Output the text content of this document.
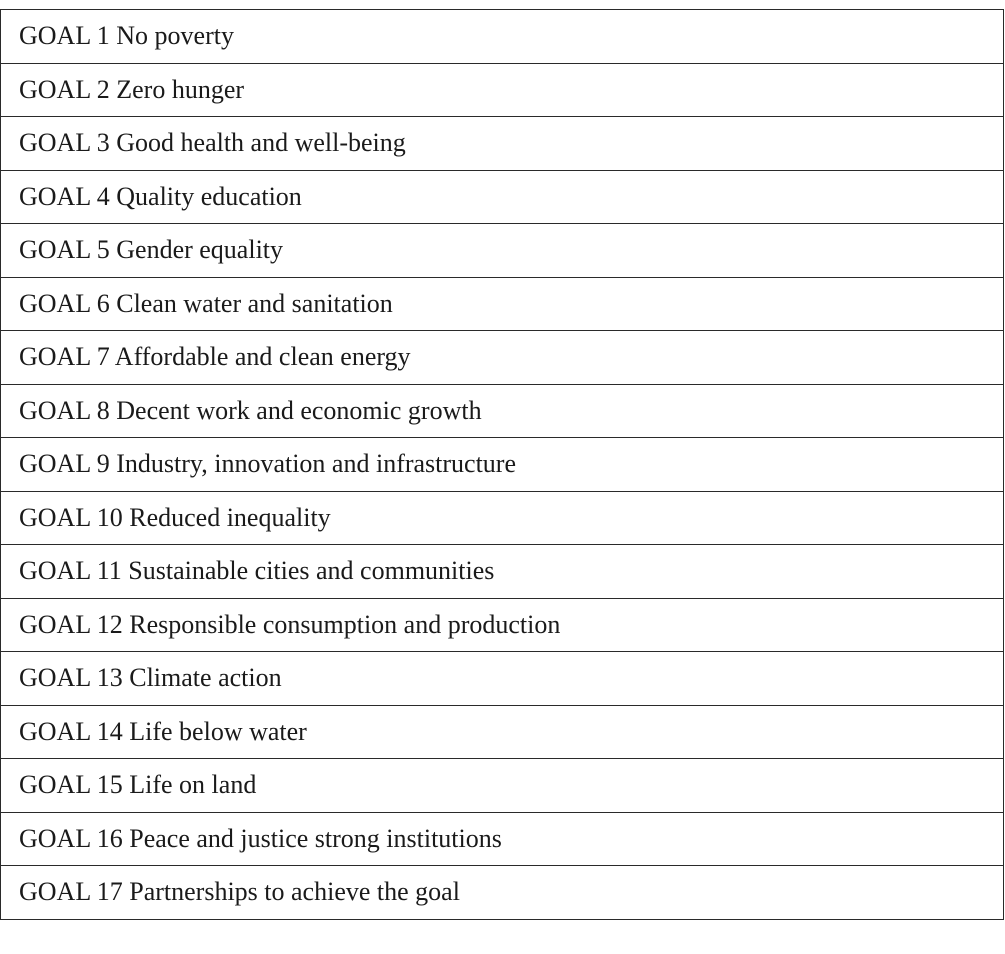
GOAL 1 No poverty
GOAL 2 Zero hunger
GOAL 3 Good health and well-being
GOAL 4 Quality education
GOAL 5 Gender equality
GOAL 6 Clean water and sanitation
GOAL 7 Affordable and clean energy
GOAL 8 Decent work and economic growth
GOAL 9 Industry, innovation and infrastructure
GOAL 10 Reduced inequality
GOAL 11 Sustainable cities and communities
GOAL 12 Responsible consumption and production
GOAL 13 Climate action
GOAL 14 Life below water
GOAL 15 Life on land
GOAL 16 Peace and justice strong institutions
GOAL 17 Partnerships to achieve the goal
